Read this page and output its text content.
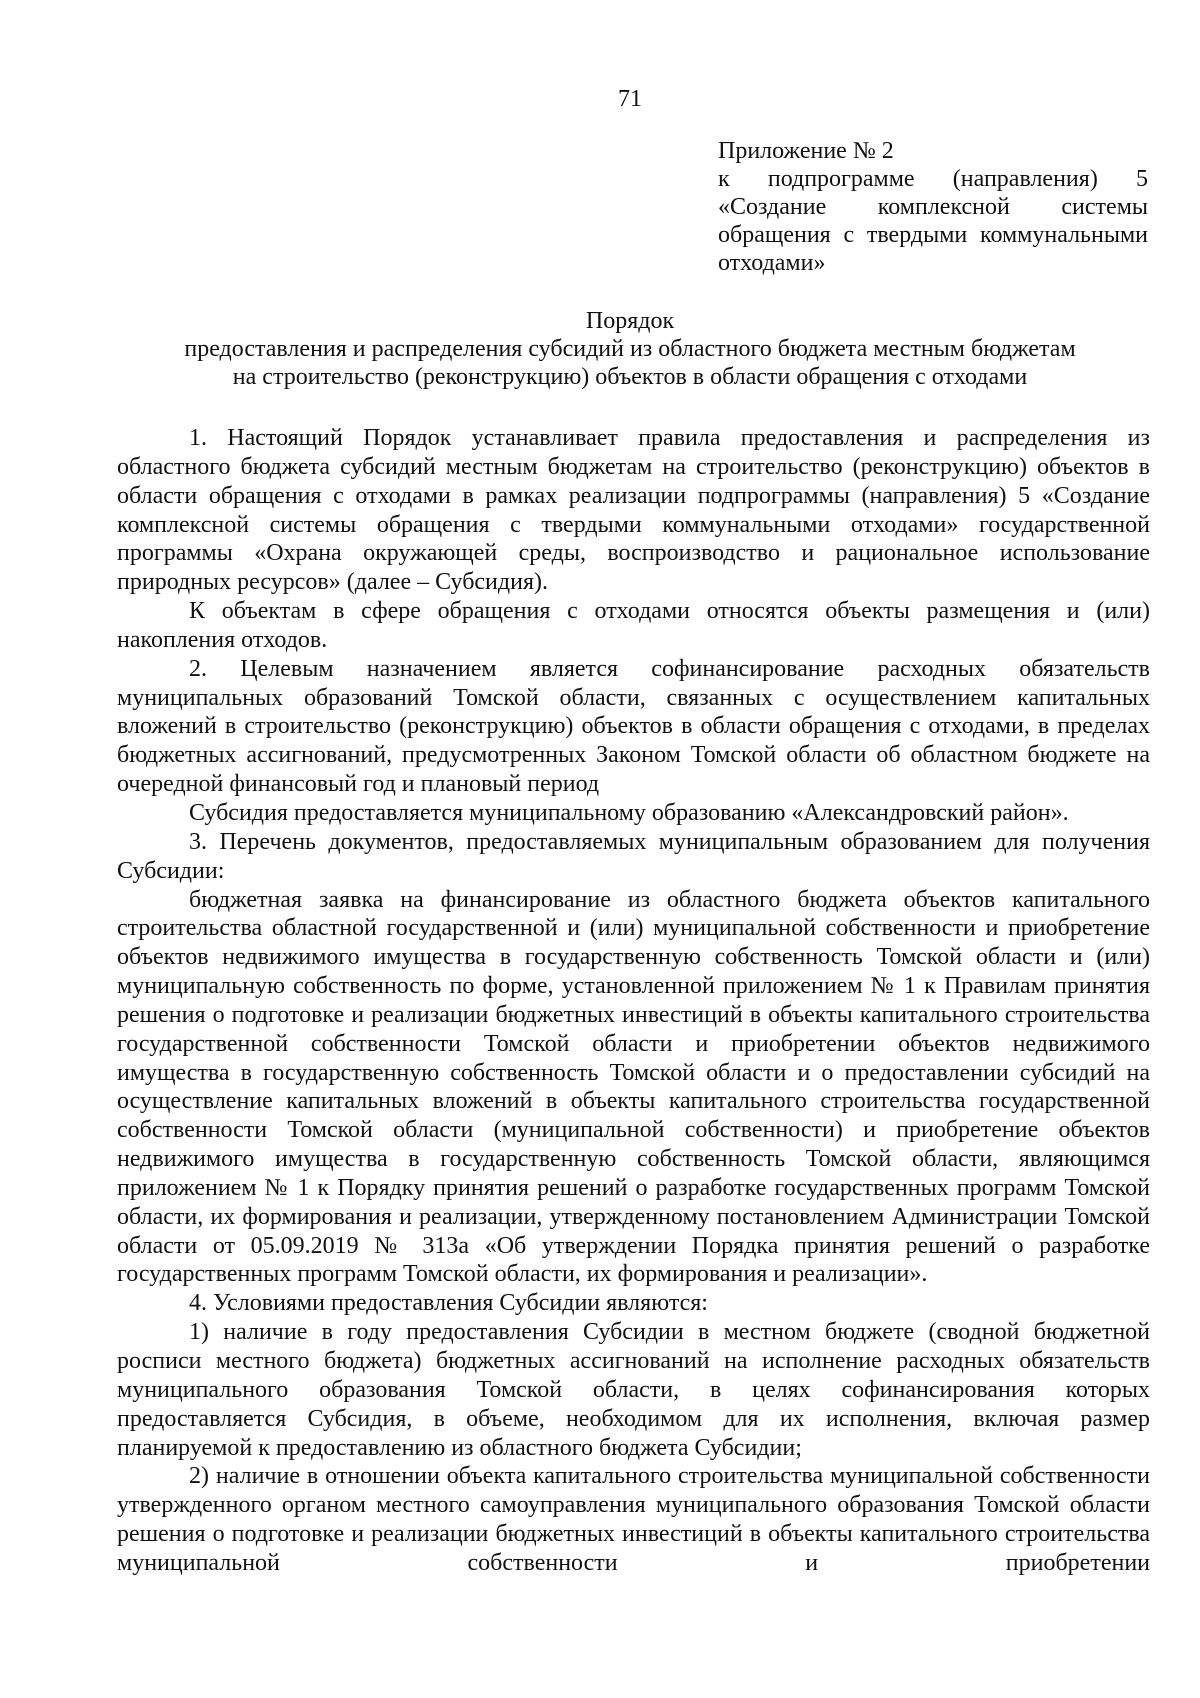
71
Приложение № 2
к подпрограмме (направления) 5 «Создание комплексной системы обращения с твердыми коммунальными отходами»
Порядок
предоставления и распределения субсидий из областного бюджета местным бюджетам
на строительство (реконструкцию) объектов в области обращения с отходами

1. Настоящий Порядок устанавливает правила предоставления и распределения из областного бюджета субсидий местным бюджетам на строительство (реконструкцию) объектов в области обращения с отходами в рамках реализации подпрограммы (направления) 5 «Создание комплексной системы обращения с твердыми коммунальными отходами» государственной программы «Охрана окружающей среды, воспроизводство и рациональное использование природных ресурсов» (далее – Субсидия).

К объектам в сфере обращения с отходами относятся объекты размещения и (или) накопления отходов.

2. Целевым назначением является софинансирование расходных обязательств муниципальных образований Томской области, связанных с осуществлением капитальных вложений в строительство (реконструкцию) объектов в области обращения с отходами, в пределах бюджетных ассигнований, предусмотренных Законом Томской области об областном бюджете на очередной финансовый год и плановый период

Субсидия предоставляется муниципальному образованию «Александровский район».

3. Перечень документов, предоставляемых муниципальным образованием для получения Субсидии:

бюджетная заявка на финансирование из областного бюджета объектов капитального строительства областной государственной и (или) муниципальной собственности и приобретение объектов недвижимого имущества в государственную собственность Томской области и (или) муниципальную собственность по форме, установленной приложением № 1 к Правилам принятия решения о подготовке и реализации бюджетных инвестиций в объекты капитального строительства государственной собственности Томской области и приобретении объектов недвижимого имущества в государственную собственность Томской области и о предоставлении субсидий на осуществление капитальных вложений в объекты капитального строительства государственной собственности Томской области (муниципальной собственности) и приобретение объектов недвижимого имущества в государственную собственность Томской области, являющимся приложением № 1 к Порядку принятия решений о разработке государственных программ Томской области, их формирования и реализации, утвержденному постановлением Администрации Томской области от 05.09.2019 № 313а «Об утверждении Порядка принятия решений о разработке государственных программ Томской области, их формирования и реализации».

4. Условиями предоставления Субсидии являются:

1) наличие в году предоставления Субсидии в местном бюджете (сводной бюджетной росписи местного бюджета) бюджетных ассигнований на исполнение расходных обязательств муниципального образования Томской области, в целях софинансирования которых предоставляется Субсидия, в объеме, необходимом для их исполнения, включая размер планируемой к предоставлению из областного бюджета Субсидии;

2) наличие в отношении объекта капитального строительства муниципальной собственности утвержденного органом местного самоуправления муниципального образования Томской области решения о подготовке и реализации бюджетных инвестиций в объекты капитального строительства муниципальной собственности и приобретении
